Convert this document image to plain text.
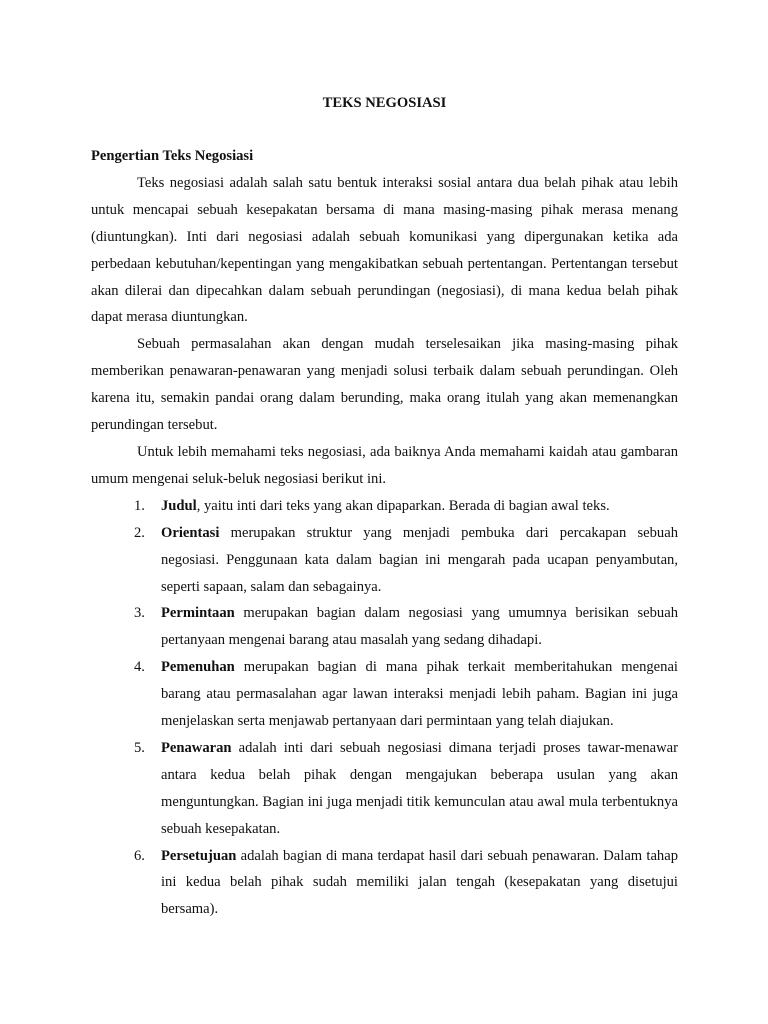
TEKS NEGOSIASI

Pengertian Teks Negosiasi

Teks negosiasi adalah salah satu bentuk interaksi sosial antara dua belah pihak atau lebih untuk mencapai sebuah kesepakatan bersama di mana masing-masing pihak merasa menang (diuntungkan). Inti dari negosiasi adalah sebuah komunikasi yang dipergunakan ketika ada perbedaan kebutuhan/kepentingan yang mengakibatkan sebuah pertentangan. Pertentangan tersebut akan dilerai dan dipecahkan dalam sebuah perundingan (negosiasi), di mana kedua belah pihak dapat merasa diuntungkan.

Sebuah permasalahan akan dengan mudah terselesaikan jika masing-masing pihak memberikan penawaran-penawaran yang menjadi solusi terbaik dalam sebuah perundingan. Oleh karena itu, semakin pandai orang dalam berunding, maka orang itulah yang akan memenangkan perundingan tersebut.

Untuk lebih memahami teks negosiasi, ada baiknya Anda memahami kaidah atau gambaran umum mengenai seluk-beluk negosiasi berikut ini.

1. Judul, yaitu inti dari teks yang akan dipaparkan. Berada di bagian awal teks.
2. Orientasi merupakan struktur yang menjadi pembuka dari percakapan sebuah negosiasi. Penggunaan kata dalam bagian ini mengarah pada ucapan penyambutan, seperti sapaan, salam dan sebagainya.
3. Permintaan merupakan bagian dalam negosiasi yang umumnya berisikan sebuah pertanyaan mengenai barang atau masalah yang sedang dihadapi.
4. Pemenuhan merupakan bagian di mana pihak terkait memberitahukan mengenai barang atau permasalahan agar lawan interaksi menjadi lebih paham. Bagian ini juga menjelaskan serta menjawab pertanyaan dari permintaan yang telah diajukan.
5. Penawaran adalah inti dari sebuah negosiasi dimana terjadi proses tawar-menawar antara kedua belah pihak dengan mengajukan beberapa usulan yang akan menguntungkan. Bagian ini juga menjadi titik kemunculan atau awal mula terbentuknya sebuah kesepakatan.
6. Persetujuan adalah bagian di mana terdapat hasil dari sebuah penawaran. Dalam tahap ini kedua belah pihak sudah memiliki jalan tengah (kesepakatan yang disetujui bersama).
